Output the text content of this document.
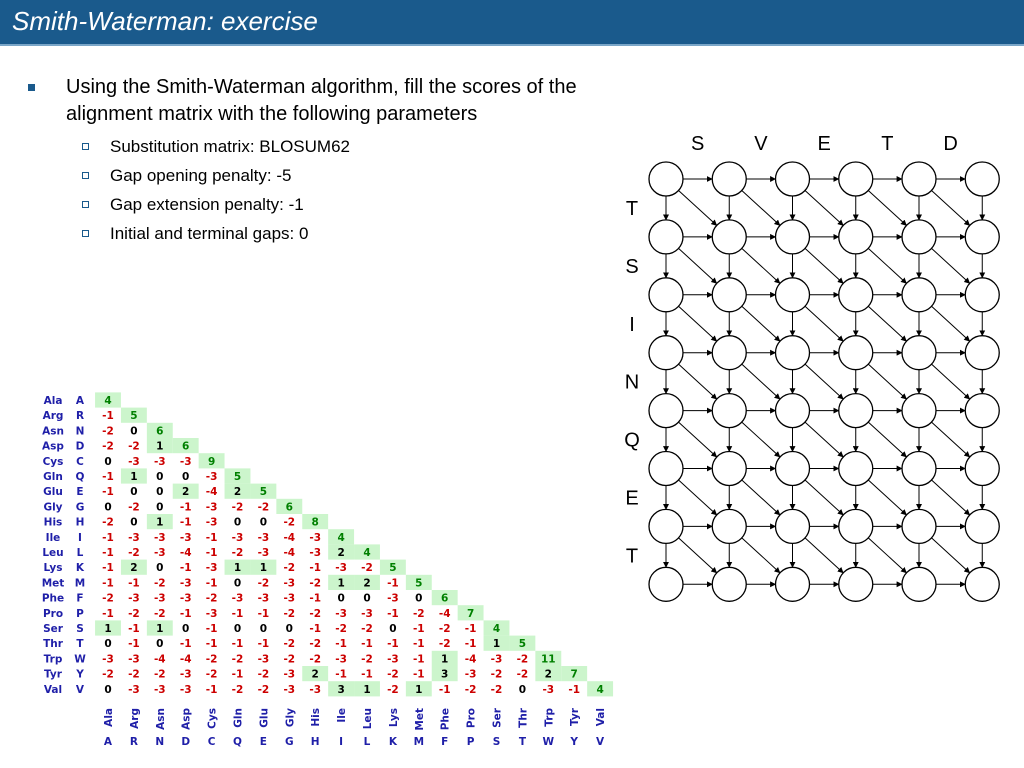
Smith-Waterman: exercise
Using the Smith-Waterman algorithm, fill the scores of the alignment matrix with the following parameters
Substitution matrix: BLOSUM62
Gap opening penalty: -5
Gap extension penalty: -1
Initial and terminal gaps: 0
Ala A 4
Arg R -1 5
Asn N -2 0 6
Asp D -2 -2 1 6
Cys C 0 -3 -3 -3 9
Gln Q -1 1 0 0 -3 5
Glu E -1 0 0 2 -4 2 5
Gly G 0 -2 0 -1 -3 -2 -2 6
His H -2 0 1 -1 -3 0 0 -2 8
Ile I -1 -3 -3 -3 -1 -3 -3 -4 -3 4
Leu L -1 -2 -3 -4 -1 -2 -3 -4 -3 2 4
Lys K -1 2 0 -1 -3 1 1 -2 -1 -3 -2 5
Met M -1 -1 -2 -3 -1 0 -2 -3 -2 1 2 -1 5
Phe F -2 -3 -3 -3 -2 -3 -3 -3 -1 0 0 -3 0 6
Pro P -1 -2 -2 -1 -3 -1 -1 -2 -2 -3 -3 -1 -2 -4 7
Ser S 1 -1 1 0 -1 0 0 0 -1 -2 -2 0 -1 -2 -1 4
Thr T 0 -1 0 -1 -1 -1 -1 -2 -2 -1 -1 -1 -1 -2 -1 1 5
Trp W -3 -3 -4 -4 -2 -2 -3 -2 -2 -3 -2 -3 -1 1 -4 -3 -2 11
Tyr Y -2 -2 -2 -3 -2 -1 -2 -3 2 -1 -1 -2 -1 3 -3 -2 -2 2 7
Val V 0 -3 -3 -3 -1 -2 -2 -3 -3 3 1 -2 1 -1 -2 -2 0 -3 -1 4
Ala
A
Arg
R
Asn
N
Asp
D
Cys
C
Gln
Q
Glu
E
Gly
G
His
H
Ile
I
Leu
L
Lys
K
Met
M
Phe
F
Pro
P
Ser
S
Thr
T
Trp
W
Tyr
Y
Val
V
S V E	T D
T
S
I
N
Q
E
T
